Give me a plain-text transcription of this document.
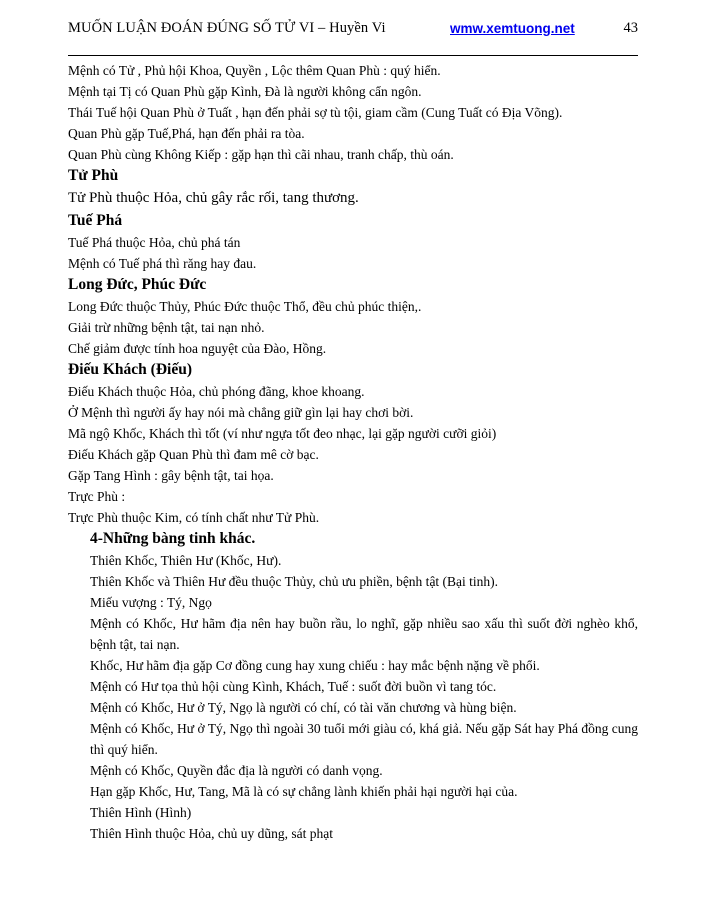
MUỐN LUẬN ĐOÁN ĐÚNG SỐ TỬ VI – Huyền Vi	wmw.xemtuong.net	43

Mệnh có Tử , Phủ hội Khoa, Quyền , Lộc thêm Quan Phù : quý hiển.

Mệnh tại Tị có Quan Phù gặp Kình, Đà là người không cẩn ngôn.

Thái Tuế hội Quan Phù ở Tuất , hạn đến phải sợ tù tội, giam cầm (Cung Tuất có Địa Võng).

Quan Phù gặp Tuế,Phá, hạn đến phải ra tòa.

Quan Phù cùng Không Kiếp : gặp hạn thì cãi nhau, tranh chấp, thù oán.

Tử Phù

Tử Phù thuộc Hỏa, chủ gây rắc rối, tang thương.

Tuế Phá

Tuế Phá thuộc Hỏa, chủ phá tán

Mệnh có Tuế phá thì răng hay đau.

Long Đức, Phúc Đức

Long Đức thuộc Thủy, Phúc Đức thuộc Thổ, đều chủ phúc thiện,.

Giải trừ những bệnh tật, tai nạn nhỏ.

Chế giảm được tính hoa nguyệt của Đào, Hồng.

Điếu Khách (Điếu)

Điếu Khách thuộc Hỏa, chủ phóng đãng, khoe khoang.

Ở Mệnh thì người ấy hay nói mà chẳng giữ gìn lại hay chơi bời.

Mã ngộ Khốc, Khách thì tốt (ví như ngựa tốt đeo nhạc, lại gặp người cưỡi giỏi)

Điếu Khách gặp Quan Phù thì đam mê cờ bạc.

Gặp Tang Hình : gây bệnh tật, tai họa.

Trực Phù :

Trực Phù thuộc Kim, có tính chất như Tử Phù.

4-Những bàng tinh khác.

Thiên Khốc, Thiên Hư (Khốc, Hư).

Thiên Khốc và Thiên Hư đều thuộc Thủy, chủ ưu phiền, bệnh tật (Bại tinh).

Miếu vượng : Tý, Ngọ

Mệnh có Khốc, Hư hãm địa nên hay buồn rầu, lo nghĩ, gặp nhiều sao xấu thì suốt đời nghèo khổ, bệnh tật, tai nạn.

Khốc, Hư hãm địa gặp Cơ đồng cung hay xung chiếu : hay mắc bệnh nặng về phổi.

Mệnh có Hư tọa thủ hội cùng Kình, Khách, Tuế : suốt đời buồn vì tang tóc.

Mệnh có Khốc, Hư ở Tý, Ngọ là người có chí, có tài văn chương và hùng biện.

Mệnh có Khốc, Hư ở Tý, Ngọ thì ngoài 30 tuổi mới giàu có, khá giả. Nếu gặp Sát hay Phá đồng cung thì quý hiển.

Mệnh có Khốc, Quyền đắc địa là người có danh vọng.

Hạn gặp Khốc, Hư, Tang, Mã là có sự chẳng lành khiến phải hại người hại của.

Thiên Hình (Hình)

Thiên Hình thuộc Hỏa, chủ uy dũng, sát phạt
